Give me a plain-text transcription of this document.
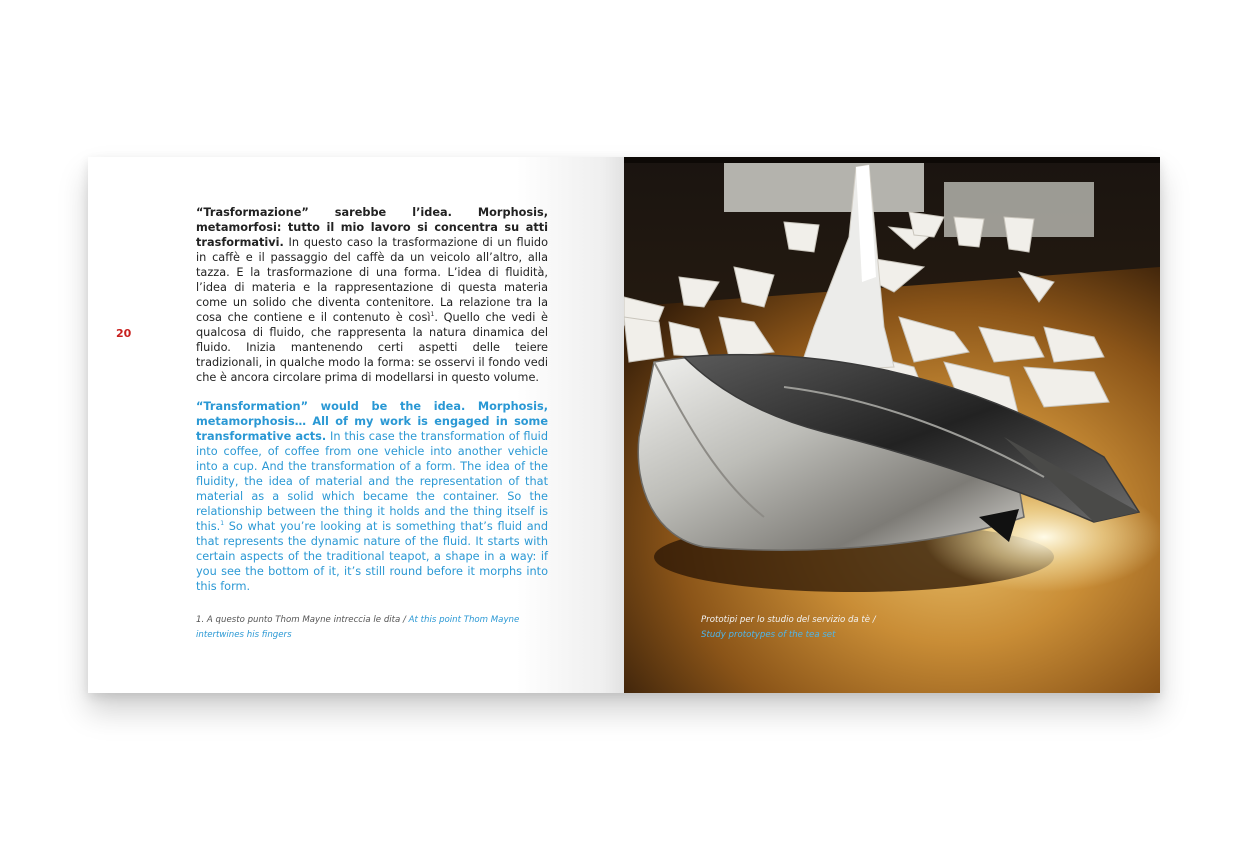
20

“Trasformazione” sarebbe l’idea. Morphosis, metamorfosi: tutto il mio lavoro si concentra su atti trasformativi. In questo caso la trasformazione di un fluido in caffè e il passaggio del caffè da un veicolo all’altro, alla tazza. E la trasformazione di una forma. L’idea di fluidità, l’idea di materia e la rappresentazione di questa materia come un solido che diventa contenitore. La relazione tra la cosa che contiene e il contenuto è così$^1$. Quello che vedi è qualcosa di fluido, che rappresenta la natura dinamica del fluido. Inizia mantenendo certi aspetti delle teiere tradizionali, in qualche modo la forma: se osservi il fondo vedi che è ancora circolare prima di modellarsi in questo volume.

“Transformation” would be the idea. Morphosis, metamorphosis… All of my work is engaged in some transformative acts. In this case the transformation of fluid into coffee, of coffee from one vehicle into another vehicle into a cup. And the transformation of a form. The idea of the fluidity, the idea of material and the representation of that material as a solid which became the container. So the relationship between the thing it holds and the thing itself is this.$^1$ So what you’re looking at is something that’s fluid and that represents the dynamic nature of the fluid. It starts with certain aspects of the traditional teapot, a shape in a way: if you see the bottom of it, it’s still round before it morphs into this form.

1. A questo punto Thom Mayne intreccia le dita / At this point Thom Mayne intertwines his fingers
Prototipi per lo studio del servizio da tè /
Study prototypes of the tea set
